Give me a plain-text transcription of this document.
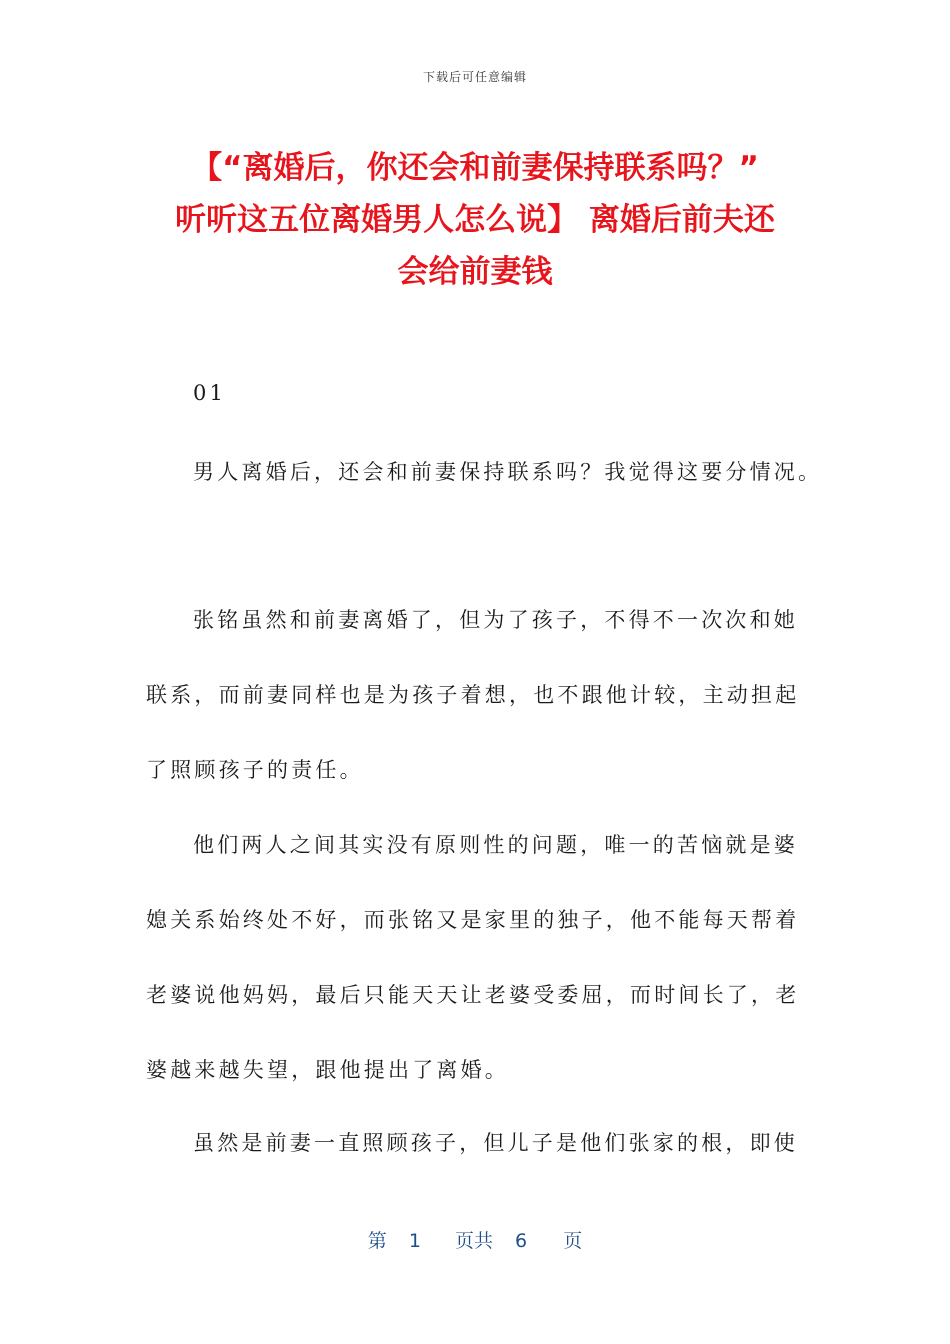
下载后可任意编辑
【“离婚后，你还会和前妻保持联系吗？”
听听这五位离婚男人怎么说】 离婚后前夫还
会给前妻钱
01
男人离婚后，还会和前妻保持联系吗？我觉得这要分情况。
张铭虽然和前妻离婚了，但为了孩子，不得不一次次和她
联系，而前妻同样也是为孩子着想，也不跟他计较，主动担起
了照顾孩子的责任。
他们两人之间其实没有原则性的问题，唯一的苦恼就是婆
媳关系始终处不好，而张铭又是家里的独子，他不能每天帮着
老婆说他妈妈，最后只能天天让老婆受委屈，而时间长了，老
婆越来越失望，跟他提出了离婚。
虽然是前妻一直照顾孩子，但儿子是他们张家的根，即使
第 1 页共 6 页
